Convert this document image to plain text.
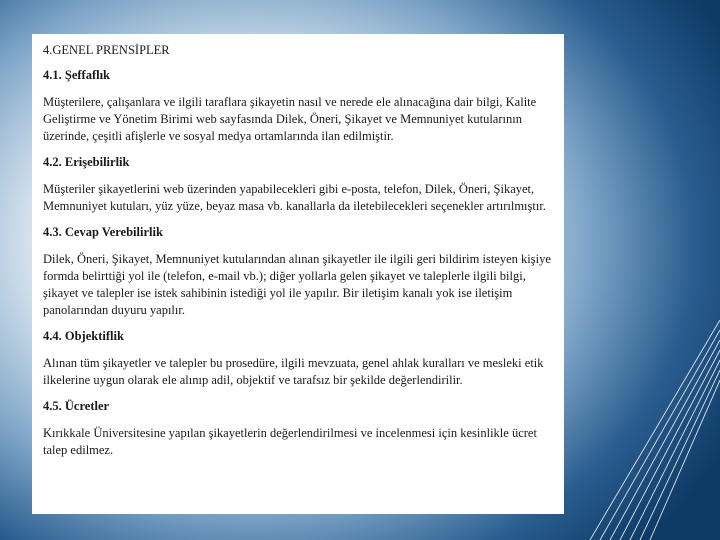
4.GENEL PRENSİPLER

4.1. Şeffaflık

Müşterilere, çalışanlara ve ilgili taraflara şikayetin nasıl ve nerede ele alınacağına dair bilgi, Kalite Geliştirme ve Yönetim Birimi web sayfasında Dilek, Öneri, Şikayet ve Memnuniyet kutularının üzerinde, çeşitli afişlerle ve sosyal medya ortamlarında ilan edilmiştir.

4.2. Erişebilirlik

Müşteriler şikayetlerini web üzerinden yapabilecekleri gibi e-posta, telefon, Dilek, Öneri, Şikayet, Memnuniyet kutuları, yüz yüze, beyaz masa vb. kanallarla da iletebilecekleri seçenekler artırılmıştır.

4.3. Cevap Verebilirlik

Dilek, Öneri, Şikayet, Memnuniyet kutularından alınan şikayetler ile ilgili geri bildirim isteyen kişiye formda belirttiği yol ile (telefon, e-mail vb.); diğer yollarla gelen şikayet ve taleplerle ilgili bilgi, şikayet ve talepler ise istek sahibinin istediği yol ile yapılır. Bir iletişim kanalı yok ise iletişim panolarından duyuru yapılır.

4.4. Objektiflik

Alınan tüm şikayetler ve talepler bu prosedüre, ilgili mevzuata, genel ahlak kuralları ve mesleki etik ilkelerine uygun olarak ele alınıp adil, objektif ve tarafsız bir şekilde değerlendirilir.

4.5. Ücretler

Kırıkkale Üniversitesine yapılan şikayetlerin değerlendirilmesi ve incelenmesi için kesinlikle ücret talep edilmez.
